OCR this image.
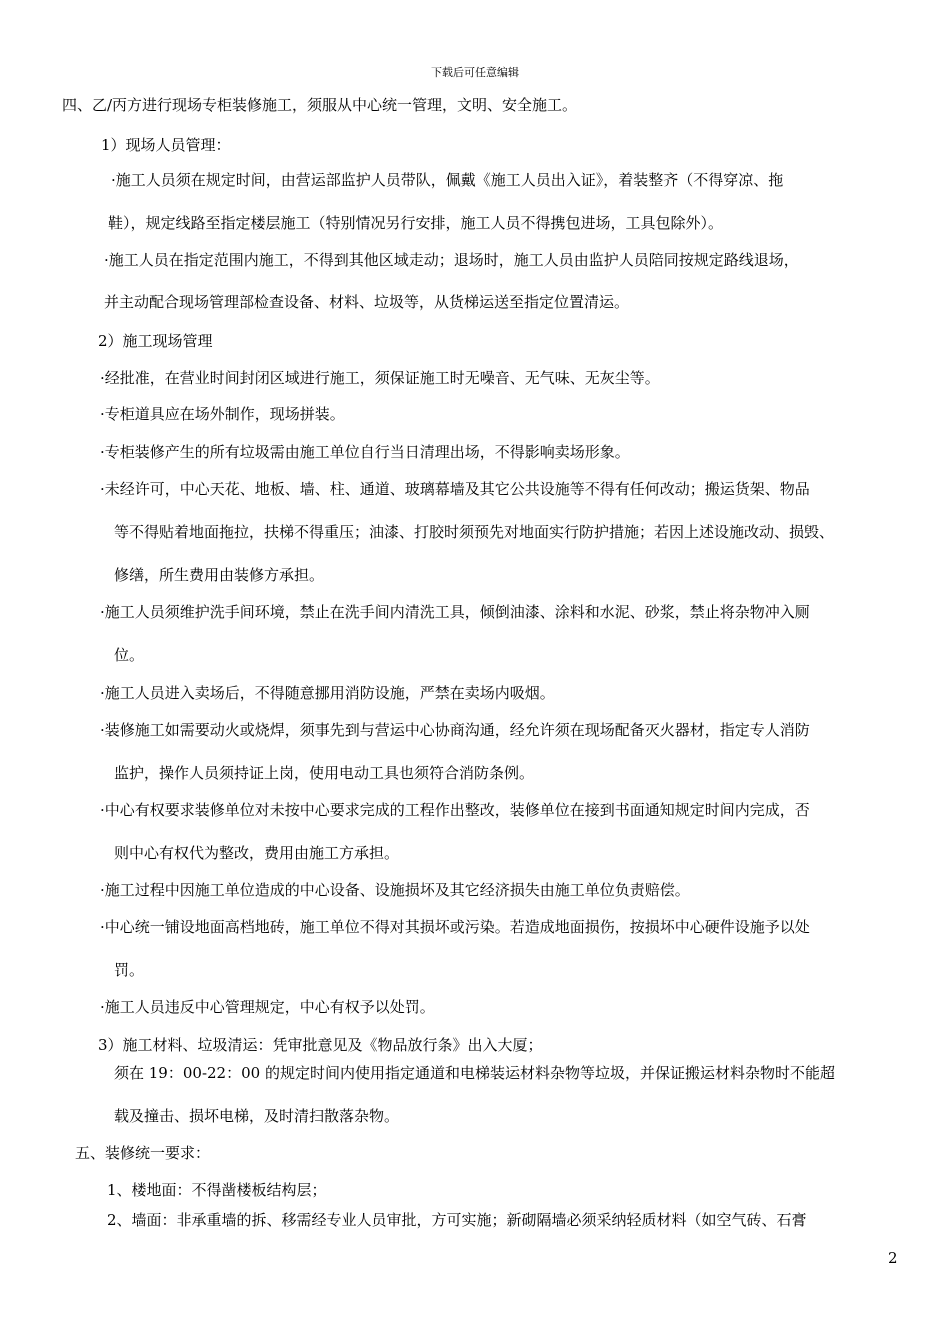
下载后可任意编辑
四、乙/丙方进行现场专柜装修施工，须服从中心统一管理，文明、安全施工。
1）现场人员管理：
·施工人员须在规定时间，由营运部监护人员带队，佩戴《施工人员出入证》，着装整齐（不得穿凉、拖
鞋），规定线路至指定楼层施工（特别情况另行安排，施工人员不得携包进场，工具包除外）。
·施工人员在指定范围内施工，不得到其他区域走动；退场时，施工人员由监护人员陪同按规定路线退场，
并主动配合现场管理部检查设备、材料、垃圾等，从货梯运送至指定位置清运。
2）施工现场管理
·经批准，在营业时间封闭区域进行施工，须保证施工时无噪音、无气味、无灰尘等。
·专柜道具应在场外制作，现场拼装。
·专柜装修产生的所有垃圾需由施工单位自行当日清理出场，不得影响卖场形象。
·未经许可，中心天花、地板、墙、柱、通道、玻璃幕墙及其它公共设施等不得有任何改动；搬运货架、物品
等不得贴着地面拖拉，扶梯不得重压；油漆、打胶时须预先对地面实行防护措施；若因上述设施改动、损毁、
修缮，所生费用由装修方承担。
·施工人员须维护洗手间环境，禁止在洗手间内清洗工具，倾倒油漆、涂料和水泥、砂浆，禁止将杂物冲入厕
位。
·施工人员进入卖场后，不得随意挪用消防设施，严禁在卖场内吸烟。
·装修施工如需要动火或烧焊，须事先到与营运中心协商沟通，经允许须在现场配备灭火器材，指定专人消防
监护，操作人员须持证上岗，使用电动工具也须符合消防条例。
·中心有权要求装修单位对未按中心要求完成的工程作出整改，装修单位在接到书面通知规定时间内完成，否
则中心有权代为整改，费用由施工方承担。
·施工过程中因施工单位造成的中心设备、设施损坏及其它经济损失由施工单位负责赔偿。
·中心统一铺设地面高档地砖，施工单位不得对其损坏或污染。若造成地面损伤，按损坏中心硬件设施予以处
罚。
·施工人员违反中心管理规定，中心有权予以处罚。
3）施工材料、垃圾清运：凭审批意见及《物品放行条》出入大厦；
须在 19：00-22：00 的规定时间内使用指定通道和电梯装运材料杂物等垃圾，并保证搬运材料杂物时不能超
载及撞击、损坏电梯，及时清扫散落杂物。
五、装修统一要求：
1、楼地面：不得凿楼板结构层；
2、墙面：非承重墙的拆、移需经专业人员审批，方可实施；新砌隔墙必须采纳轻质材料（如空气砖、石膏
2
